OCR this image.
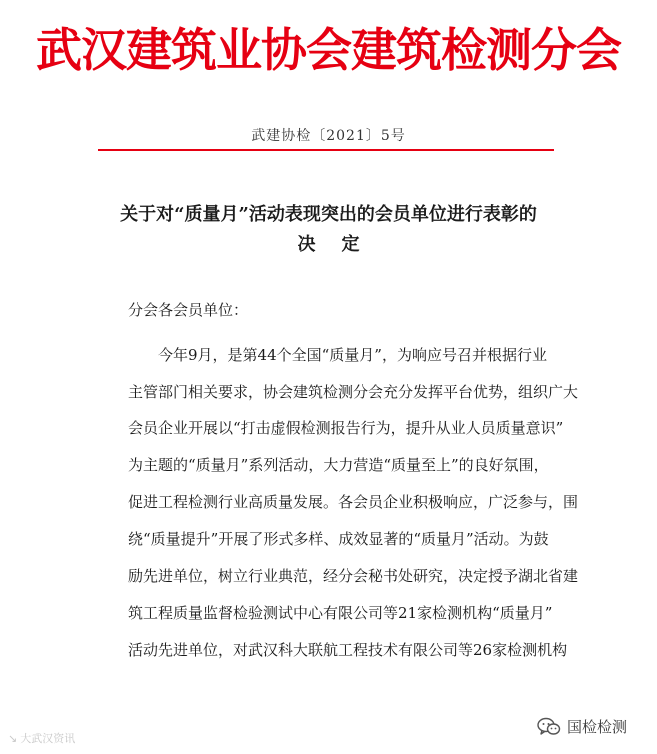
武汉建筑业协会建筑检测分会
武建协检〔2021〕5号
关于对“质量月”活动表现突出的会员单位进行表彰的
决定
分会各会员单位：
今年9月，是第44个全国“质量月”，为响应号召并根据行业
主管部门相关要求，协会建筑检测分会充分发挥平台优势，组织广大
会员企业开展以“打击虚假检测报告行为，提升从业人员质量意识”
为主题的“质量月”系列活动，大力营造“质量至上”的良好氛围，
促进工程检测行业高质量发展。各会员企业积极响应，广泛参与，围
绕“质量提升”开展了形式多样、成效显著的“质量月”活动。为鼓
励先进单位，树立行业典范，经分会秘书处研究，决定授予湖北省建
筑工程质量监督检验测试中心有限公司等21家检测机构“质量月”
活动先进单位，对武汉科大联航工程技术有限公司等26家检测机构
↘ 大武汉资讯
国检检测
